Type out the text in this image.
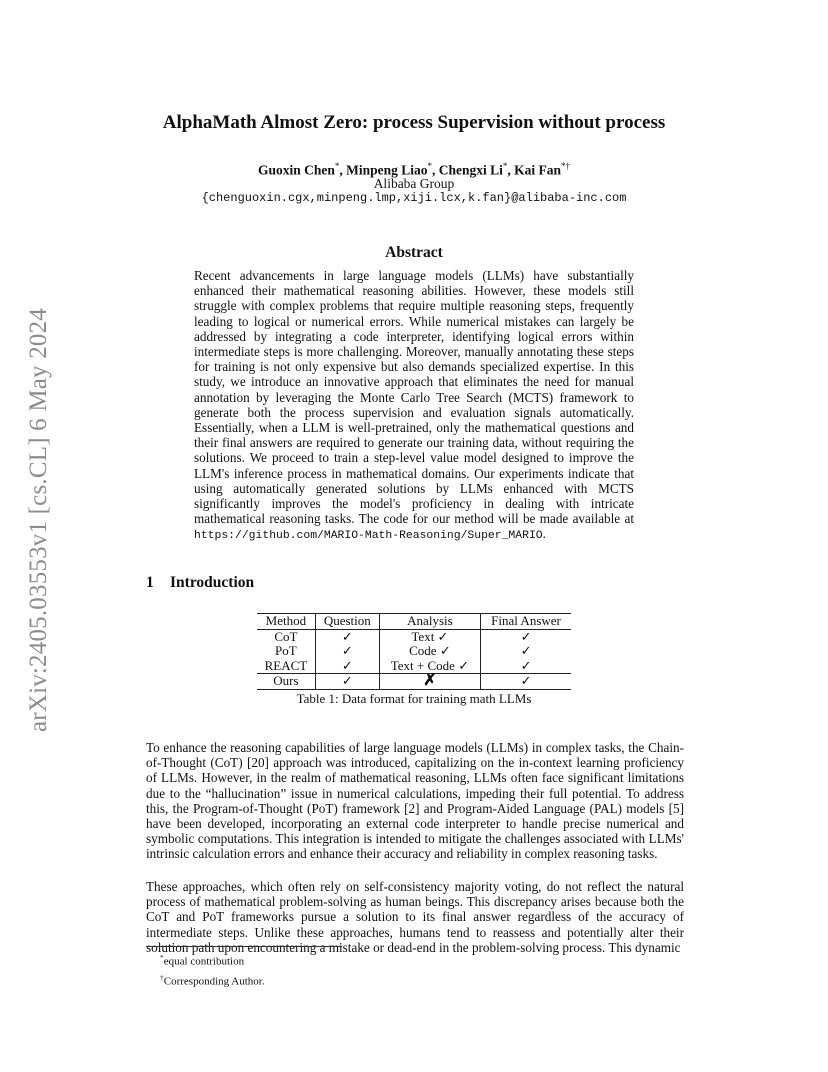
arXiv:2405.03553v1 [cs.CL] 6 May 2024
AlphaMath Almost Zero: process Supervision without process
Guoxin Chen*, Minpeng Liao*, Chengxi Li*, Kai Fan*†
Alibaba Group
{chenguoxin.cgx,minpeng.lmp,xiji.lcx,k.fan}@alibaba-inc.com
Abstract
Recent advancements in large language models (LLMs) have substantially enhanced their mathematical reasoning abilities. However, these models still struggle with complex problems that require multiple reasoning steps, frequently leading to logical or numerical errors. While numerical mistakes can largely be addressed by integrating a code interpreter, identifying logical errors within intermediate steps is more challenging. Moreover, manually annotating these steps for training is not only expensive but also demands specialized expertise. In this study, we introduce an innovative approach that eliminates the need for manual annotation by leveraging the Monte Carlo Tree Search (MCTS) framework to generate both the process supervision and evaluation signals automatically. Essentially, when a LLM is well-pretrained, only the mathematical questions and their final answers are required to generate our training data, without requiring the solutions. We proceed to train a step-level value model designed to improve the LLM's inference process in mathematical domains. Our experiments indicate that using automatically generated solutions by LLMs enhanced with MCTS significantly improves the model's proficiency in dealing with intricate mathematical reasoning tasks. The code for our method will be made available at https://github.com/MARIO-Math-Reasoning/Super_MARIO.
1 Introduction
Method	Question	Analysis	Final Answer
CoT	✓	Text ✓	✓
PoT	✓	Code ✓	✓
REACT	✓	Text + Code ✓	✓
Ours	✓	✗	✓
Table 1: Data format for training math LLMs
To enhance the reasoning capabilities of large language models (LLMs) in complex tasks, the Chain-of-Thought (CoT) [20] approach was introduced, capitalizing on the in-context learning proficiency of LLMs. However, in the realm of mathematical reasoning, LLMs often face significant limitations due to the “hallucination” issue in numerical calculations, impeding their full potential. To address this, the Program-of-Thought (PoT) framework [2] and Program-Aided Language (PAL) models [5] have been developed, incorporating an external code interpreter to handle precise numerical and symbolic computations. This integration is intended to mitigate the challenges associated with LLMs' intrinsic calculation errors and enhance their accuracy and reliability in complex reasoning tasks.
These approaches, which often rely on self-consistency majority voting, do not reflect the natural process of mathematical problem-solving as human beings. This discrepancy arises because both the CoT and PoT frameworks pursue a solution to its final answer regardless of the accuracy of intermediate steps. Unlike these approaches, humans tend to reassess and potentially alter their solution path upon encountering a mistake or dead-end in the problem-solving process. This dynamic
*equal contribution
†Corresponding Author.
